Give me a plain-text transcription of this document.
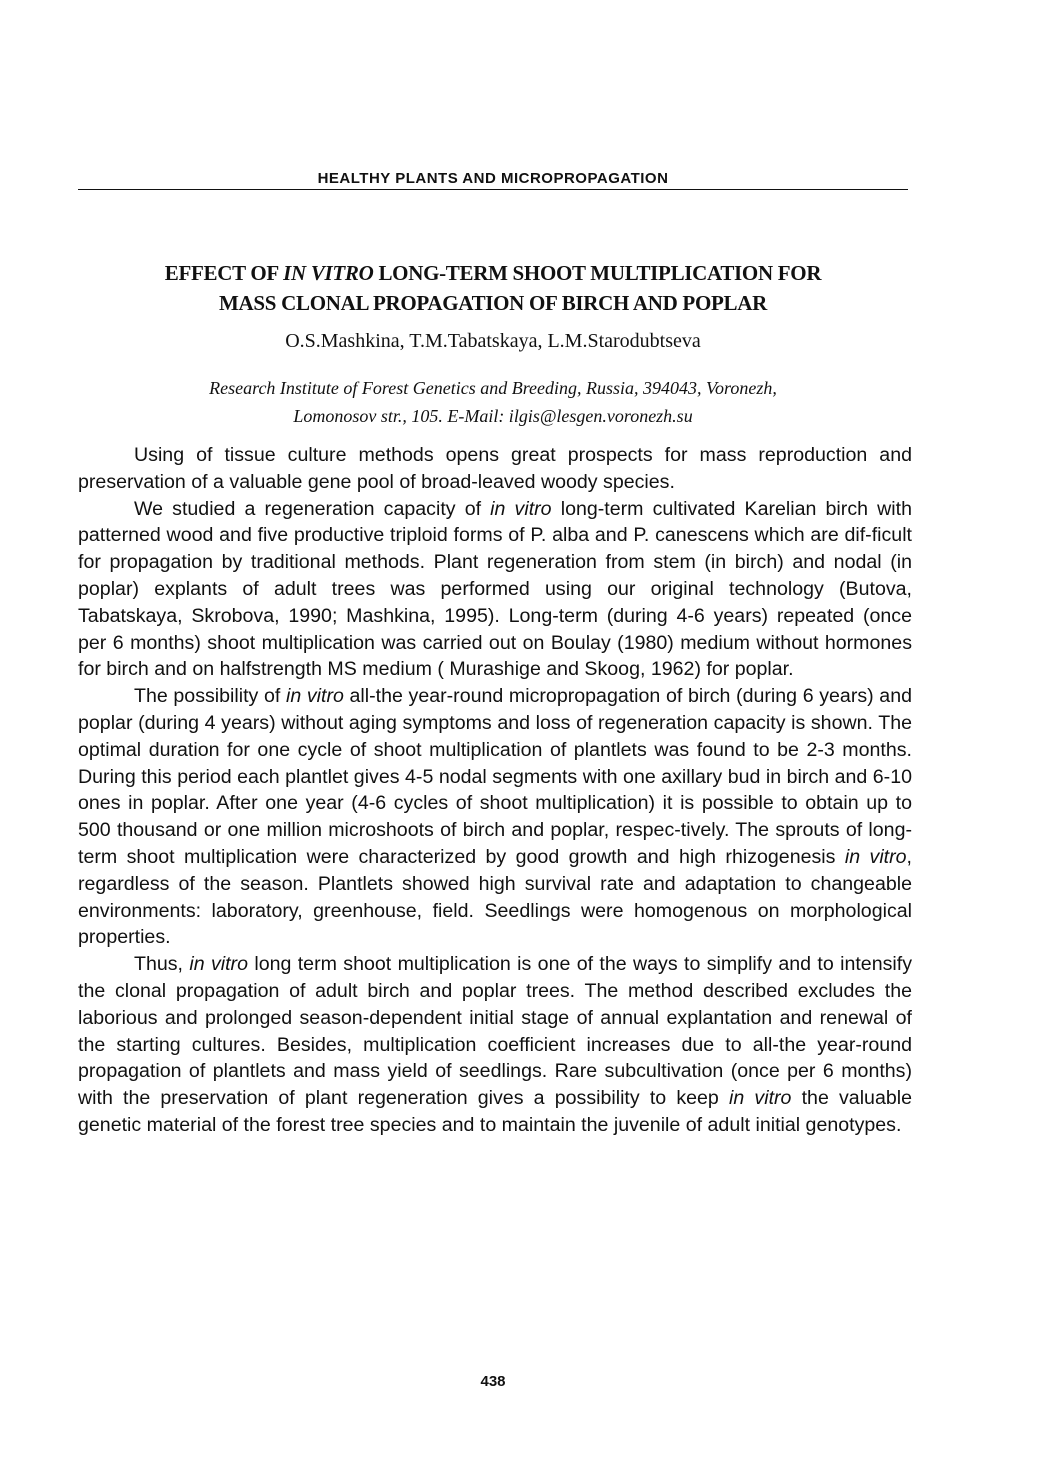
HEALTHY PLANTS AND MICROPROPAGATION
EFFECT OF IN VITRO LONG-TERM SHOOT MULTIPLICATION FOR
MASS CLONAL PROPAGATION OF BIRCH AND POPLAR
O.S.Mashkina, T.M.Tabatskaya, L.M.Starodubtseva
Research Institute of Forest Genetics and Breeding, Russia, 394043, Voronezh,
Lomonosov str., 105. E-Mail: ilgis@lesgen.voronezh.su

Using of tissue culture methods opens great prospects for mass reproduction and preservation of a valuable gene pool of broad-leaved woody species.

We studied a regeneration capacity of in vitro long-term cultivated Karelian birch with patterned wood and five productive triploid forms of P. alba and P. canescens which are dif-ficult for propagation by traditional methods. Plant regeneration from stem (in birch) and nodal (in poplar) explants of adult trees was performed using our original technology (Butova, Tabatskaya, Skrobova, 1990; Mashkina, 1995). Long-term (during 4-6 years) repeated (once per 6 months) shoot multiplication was carried out on Boulay (1980) medium without hormones for birch and on halfstrength MS medium ( Murashige and Skoog, 1962) for poplar.

The possibility of in vitro all-the year-round micropropagation of birch (during 6 years) and poplar (during 4 years) without aging symptoms and loss of regeneration capacity is shown. The optimal duration for one cycle of shoot multiplication of plantlets was found to be 2-3 months. During this period each plantlet gives 4-5 nodal segments with one axillary bud in birch and 6-10 ones in poplar. After one year (4-6 cycles of shoot multiplication) it is possible to obtain up to 500 thousand or one million microshoots of birch and poplar, respec-tively. The sprouts of long-term shoot multiplication were characterized by good growth and high rhizogenesis in vitro, regardless of the season. Plantlets showed high survival rate and adaptation to changeable environments: laboratory, greenhouse, field. Seedlings were homogenous on morphological properties.

Thus, in vitro long term shoot multiplication is one of the ways to simplify and to intensify the clonal propagation of adult birch and poplar trees. The method described excludes the laborious and prolonged season-dependent initial stage of annual explantation and renewal of the starting cultures. Besides, multiplication coefficient increases due to all-the year-round propagation of plantlets and mass yield of seedlings. Rare subcultivation (once per 6 months) with the preservation of plant regeneration gives a possibility to keep in vitro the valuable genetic material of the forest tree species and to maintain the juvenile of adult initial genotypes.

438
